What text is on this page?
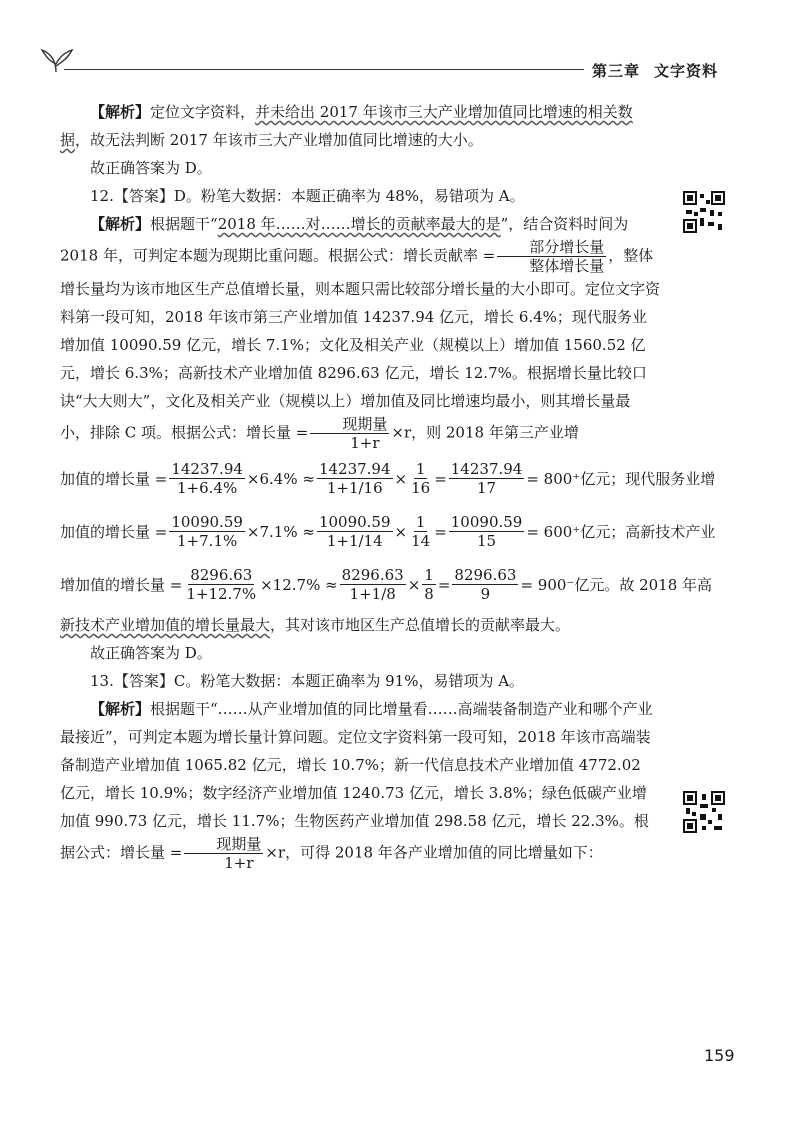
第三章 文字资料

【解析】定位文字资料，并未给出 2017 年该市三大产业增加值同比增速的相关数据，故无法判断 2017 年该市三大产业增加值同比增速的大小。

故正确答案为 D。

12.【答案】D。粉笔大数据：本题正确率为 48%，易错项为 A。

【解析】根据题干“2018 年……对……增长的贡献率最大的是”，结合资料时间为 2018 年，可判定本题为现期比重问题。根据公式：增长贡献率 = $\frac{\text{部分增长量}}{\text{整体增长量}}$ ，整体增长量均为该市地区生产总值增长量，则本题只需比较部分增长量的大小即可。定位文字资料第一段可知，2018 年该市第三产业增加值 14237.94 亿元，增长 6.4%；现代服务业增加值 10090.59 亿元，增长 7.1%；文化及相关产业（规模以上）增加值 1560.52 亿元，增长 6.3%；高新技术产业增加值 8296.63 亿元，增长 12.7%。根据增长量比较口诀“大大则大”，文化及相关产业（规模以上）增加值及同比增速均最小，则其增长量最小，排除 C 项。根据公式：增长量 = $\frac{\text{现期量}}{1+r} \times r$，则 2018 年第三产业增

加值的增长量 = $\frac{14237.94}{1+6.4\%} \times 6.4\% \approx \frac{14237.94}{1+1/16} \times \frac{1}{16} = \frac{14237.94}{17} = 800^+$亿元；现代服务业增
加值的增长量 = $\frac{10090.59}{1+7.1\%} \times 7.1\% \approx \frac{10090.59}{1+1/14} \times \frac{1}{14} = \frac{10090.59}{15} = 600^+$亿元；高新技术产业
增加值的增长量 = $\frac{8296.63}{1+12.7\%} \times 12.7\% \approx \frac{8296.63}{1+1/8} \times \frac{1}{8} = \frac{8296.63}{9} = 900^-$亿元。故 2018 年高

新技术产业增加值的增长量最大，其对该市地区生产总值增长的贡献率最大。

故正确答案为 D。

13.【答案】C。粉笔大数据：本题正确率为 91%，易错项为 A。

【解析】根据题干“……从产业增加值的同比增量看……高端装备制造产业和哪个产业最接近”，可判定本题为增长量计算问题。定位文字资料第一段可知，2018 年该市高端装备制造产业增加值 1065.82 亿元，增长 10.7%；新一代信息技术产业增加值 4772.02 亿元，增长 10.9%；数字经济产业增加值 1240.73 亿元，增长 3.8%；绿色低碳产业增加值 990.73 亿元，增长 11.7%；生物医药产业增加值 298.58 亿元，增长 22.3%。根据公式：增长量 = $\frac{\text{现期量}}{1+r} \times r$，可得 2018 年各产业增加值的同比增量如下：

159
